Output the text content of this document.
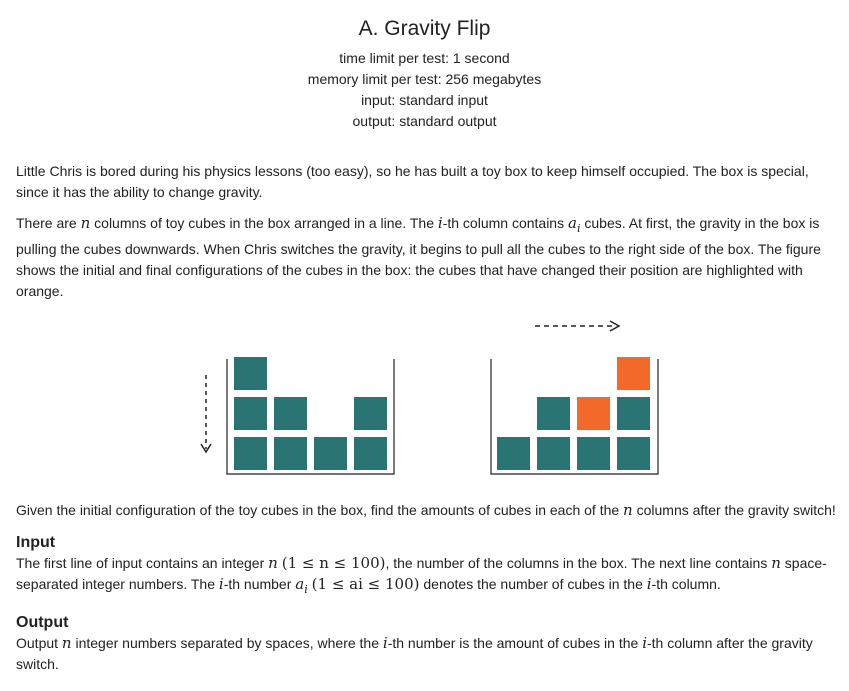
A. Gravity Flip
time limit per test: 1 second
memory limit per test: 256 megabytes
input: standard input
output: standard output

Little Chris is bored during his physics lessons (too easy), so he has built a toy box to keep himself occupied. The box is special, since it has the ability to change gravity.

There are n columns of toy cubes in the box arranged in a line. The i-th column contains $a_i$ cubes. At first, the gravity in the box is pulling the cubes downwards. When Chris switches the gravity, it begins to pull all the cubes to the right side of the box. The figure shows the initial and final configurations of the cubes in the box: the cubes that have changed their position are highlighted with orange.

Given the initial configuration of the toy cubes in the box, find the amounts of cubes in each of the n columns after the gravity switch!

Input

The first line of input contains an integer n (1 ≤ n ≤ 100), the number of the columns in the box. The next line contains n space-separated integer numbers. The i-th number $a_i$ (1 ≤ ai ≤ 100) denotes the number of cubes in the i-th column.

Output

Output n integer numbers separated by spaces, where the i-th number is the amount of cubes in the i-th column after the gravity switch.
